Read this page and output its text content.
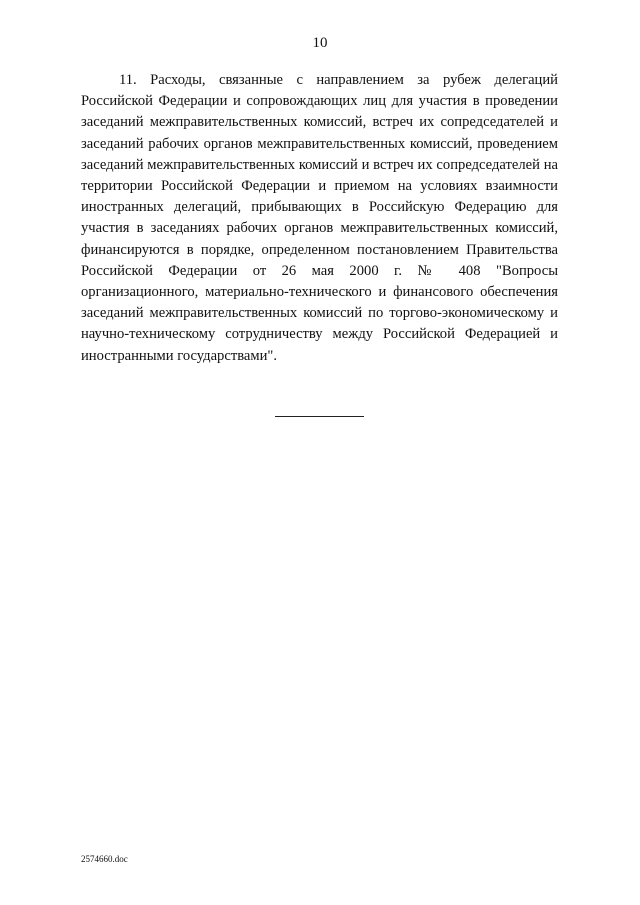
10

11. Расходы, связанные с направлением за рубеж делегаций Российской Федерации и сопровождающих лиц для участия в проведении заседаний межправительственных комиссий, встреч их сопредседателей и заседаний рабочих органов межправительственных комиссий, проведением заседаний межправительственных комиссий и встреч их сопредседателей на территории Российской Федерации и приемом на условиях взаимности иностранных делегаций, прибывающих в Российскую Федерацию для участия в заседаниях рабочих органов межправительственных комиссий, финансируются в порядке, определенном постановлением Правительства Российской Федерации от 26 мая 2000 г. № 408 "Вопросы организационного, материально-технического и финансового обеспечения заседаний межправительственных комиссий по торгово-экономическому и научно-техническому сотрудничеству между Российской Федерацией и иностранными государствами".

2574660.doc
